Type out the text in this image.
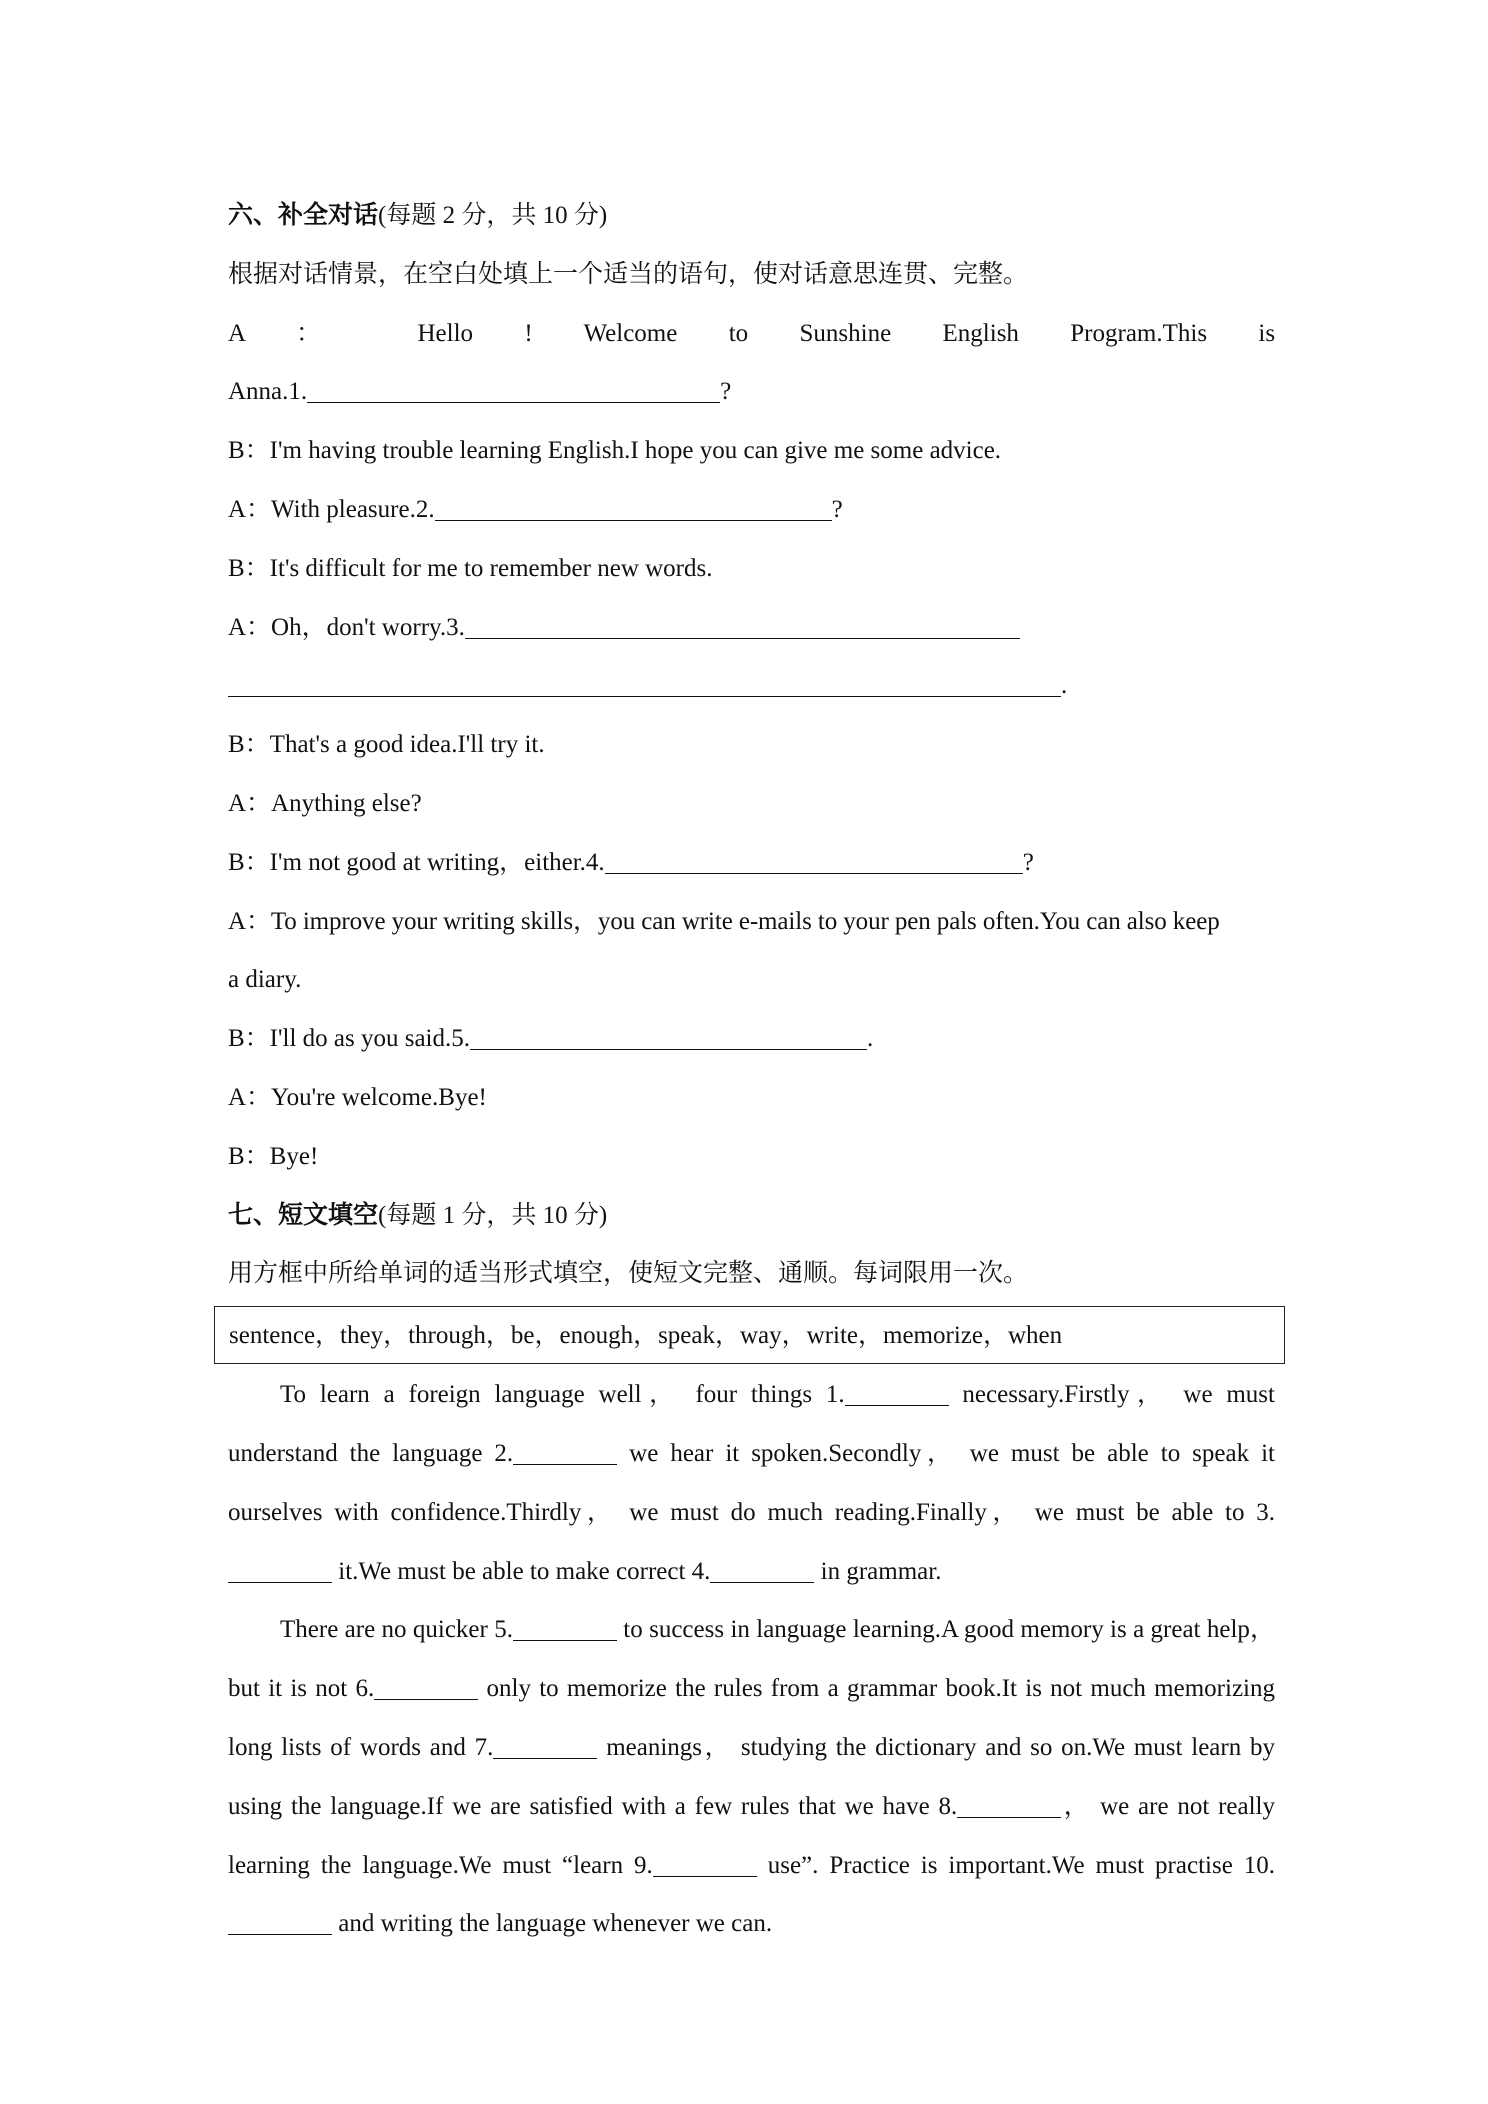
六、补全对话(每题 2 分，共 10 分)
根据对话情景，在空白处填上一个适当的语句，使对话意思连贯、完整。
A ： Hello ! Welcome to Sunshine English Program.This is
Anna.1.	?
B：I'm having trouble learning English.I hope you can give me some advice.
A：With pleasure.2.	?
B：It's difficult for me to remember new words.
A：Oh，don't worry.3.
.
B：That's a good idea.I'll try it.
A：Anything else?
B：I'm not good at writing，either.4.	?
A：To improve your writing skills，you can write e-mails to your pen pals often.You can also keep
a diary.
B：I'll do as you said.5.	.
A：You're welcome.Bye!
B：Bye!
七、短文填空(每题 1 分，共 10 分)
用方框中所给单词的适当形式填空，使短文完整、通顺。每词限用一次。
sentence，they，through，be，enough，speak，way，write，memorize，when
To learn a foreign language well， four things 1.	necessary.Firstly， we must understand the language 2.	we hear it spoken.Secondly， we must be able to speak it ourselves with confidence.Thirdly， we must do much reading.Finally， we must be able to 3. it.We must be able to make correct 4.	in grammar.
There are no quicker 5.	to success in language learning.A good memory is a great help， but it is not 6.	only to memorize the rules from a grammar book.It is not much memorizing long lists of words and 7.	meanings， studying the dictionary and so on.We must learn by using the language.If we are satisfied with a few rules that we have 8.	， we are not really learning the language.We must “learn 9.	use”. Practice is important.We must practise 10. and writing the language whenever we can.
